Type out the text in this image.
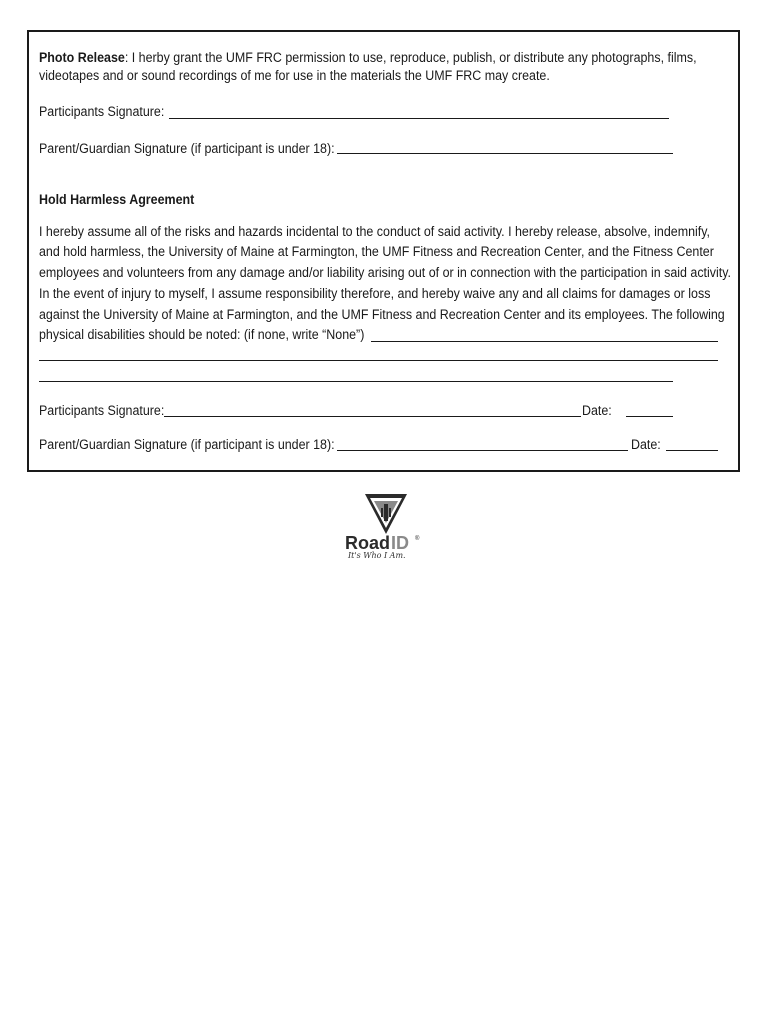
Photo Release: I herby grant the UMF FRC permission to use, reproduce, publish, or distribute any photographs, films,
videotapes and or sound recordings of me for use in the materials the UMF FRC may create.
Participants Signature:
Parent/Guardian Signature (if participant is under 18):
Hold Harmless Agreement
I hereby assume all of the risks and hazards incidental to the conduct of said activity. I hereby release, absolve, indemnify,
and hold harmless, the University of Maine at Farmington, the UMF Fitness and Recreation Center, and the Fitness Center
employees and volunteers from any damage and/or liability arising out of or in connection with the participation in said activity.
In the event of injury to myself, I assume responsibility therefore, and hereby waive any and all claims for damages or loss
against the University of Maine at Farmington, and the UMF Fitness and Recreation Center and its employees. The following
physical disabilities should be noted: (if none, write “None”)
Participants Signature:	Date:
Parent/Guardian Signature (if participant is under 18):	Date:
Road ID ®
It's Who I Am.
